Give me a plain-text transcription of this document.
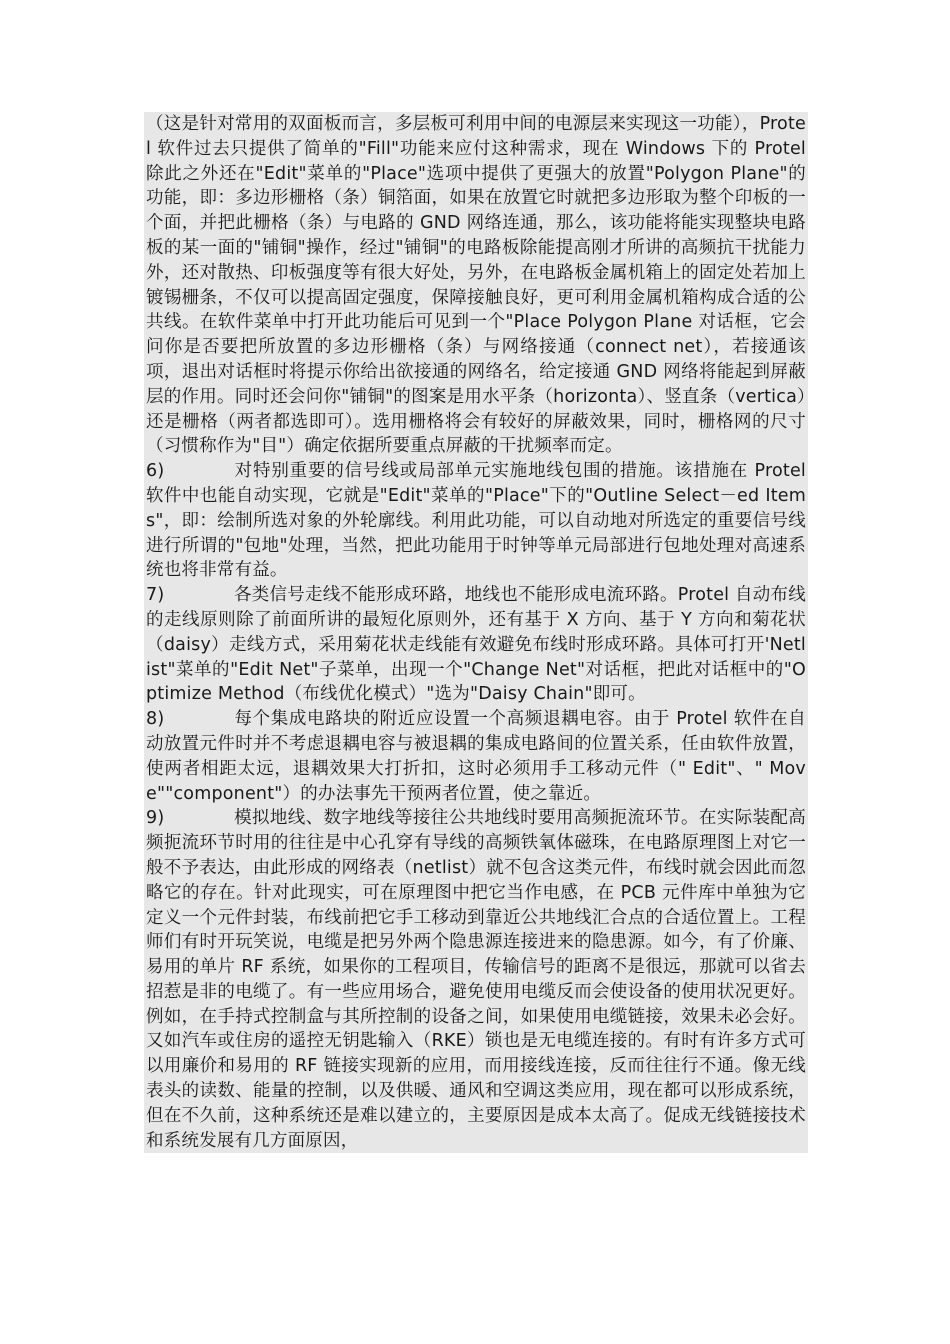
（这是针对常用的双面板而言，多层板可利用中间的电源层来实现这一功能），Protel 软件过去只提供了简单的"Fill"功能来应付这种需求，现在 Windows 下的 Protel 除此之外还在"Edit"菜单的"Place"选项中提供了更强大的放置"Polygon Plane"的功能，即：多边形栅格（条）铜箔面，如果在放置它时就把多边形取为整个印板的一个面，并把此栅格（条）与电路的 GND 网络连通，那么，该功能将能实现整块电路板的某一面的"铺铜"操作，经过"铺铜"的电路板除能提高刚才所讲的高频抗干扰能力外，还对散热、印板强度等有很大好处，另外，在电路板金属机箱上的固定处若加上镀锡栅条，不仅可以提高固定强度，保障接触良好，更可利用金属机箱构成合适的公共线。在软件菜单中打开此功能后可见到一个"Place Polygon Plane 对话框，它会问你是否要把所放置的多边形栅格（条）与网络接通（connect net），若接通该项，退出对话框时将提示你给出欲接通的网络名，给定接通 GND 网络将能起到屏蔽层的作用。同时还会问你"铺铜"的图案是用水平条（horizonta）、竖直条（vertica）还是栅格（两者都选即可）。选用栅格将会有较好的屏蔽效果，同时，栅格网的尺寸（习惯称作为"目"）确定依据所要重点屏蔽的干扰频率而定。

6)	对特别重要的信号线或局部单元实施地线包围的措施。该措施在 Protel 软件中也能自动实现，它就是"Edit"菜单的"Place"下的"Outline Select－ed Items"，即：绘制所选对象的外轮廓线。利用此功能，可以自动地对所选定的重要信号线进行所谓的"包地"处理，当然，把此功能用于时钟等单元局部进行包地处理对高速系统也将非常有益。

7)	各类信号走线不能形成环路，地线也不能形成电流环路。Protel 自动布线的走线原则除了前面所讲的最短化原则外，还有基于 X 方向、基于 Y 方向和菊花状（daisy）走线方式，采用菊花状走线能有效避免布线时形成环路。具体可打开'Netlist"菜单的"Edit Net"子菜单，出现一个"Change Net"对话框，把此对话框中的"Optimize Method（布线优化模式）"选为"Daisy Chain"即可。

8)	每个集成电路块的附近应设置一个高频退耦电容。由于 Protel 软件在自动放置元件时并不考虑退耦电容与被退耦的集成电路间的位置关系，任由软件放置，使两者相距太远，退耦效果大打折扣，这时必须用手工移动元件（" Edit"、" Move""component"）的办法事先干预两者位置，使之靠近。

9)	模拟地线、数字地线等接往公共地线时要用高频扼流环节。在实际装配高频扼流环节时用的往往是中心孔穿有导线的高频铁氧体磁珠，在电路原理图上对它一般不予表达，由此形成的网络表（netlist）就不包含这类元件，布线时就会因此而忽略它的存在。针对此现实，可在原理图中把它当作电感，在 PCB 元件库中单独为它定义一个元件封装，布线前把它手工移动到靠近公共地线汇合点的合适位置上。工程师们有时开玩笑说，电缆是把另外两个隐患源连接进来的隐患源。如今，有了价廉、易用的单片 RF 系统，如果你的工程项目，传输信号的距离不是很远，那就可以省去招惹是非的电缆了。有一些应用场合，避免使用电缆反而会使设备的使用状况更好。例如，在手持式控制盒与其所控制的设备之间，如果使用电缆链接，效果未必会好。又如汽车或住房的遥控无钥匙输入（RKE）锁也是无电缆连接的。有时有许多方式可以用廉价和易用的 RF 链接实现新的应用，而用接线连接，反而往往行不通。像无线表头的读数、能量的控制，以及供暖、通风和空调这类应用，现在都可以形成系统，但在不久前，这种系统还是难以建立的，主要原因是成本太高了。促成无线链接技术和系统发展有几方面原因，
